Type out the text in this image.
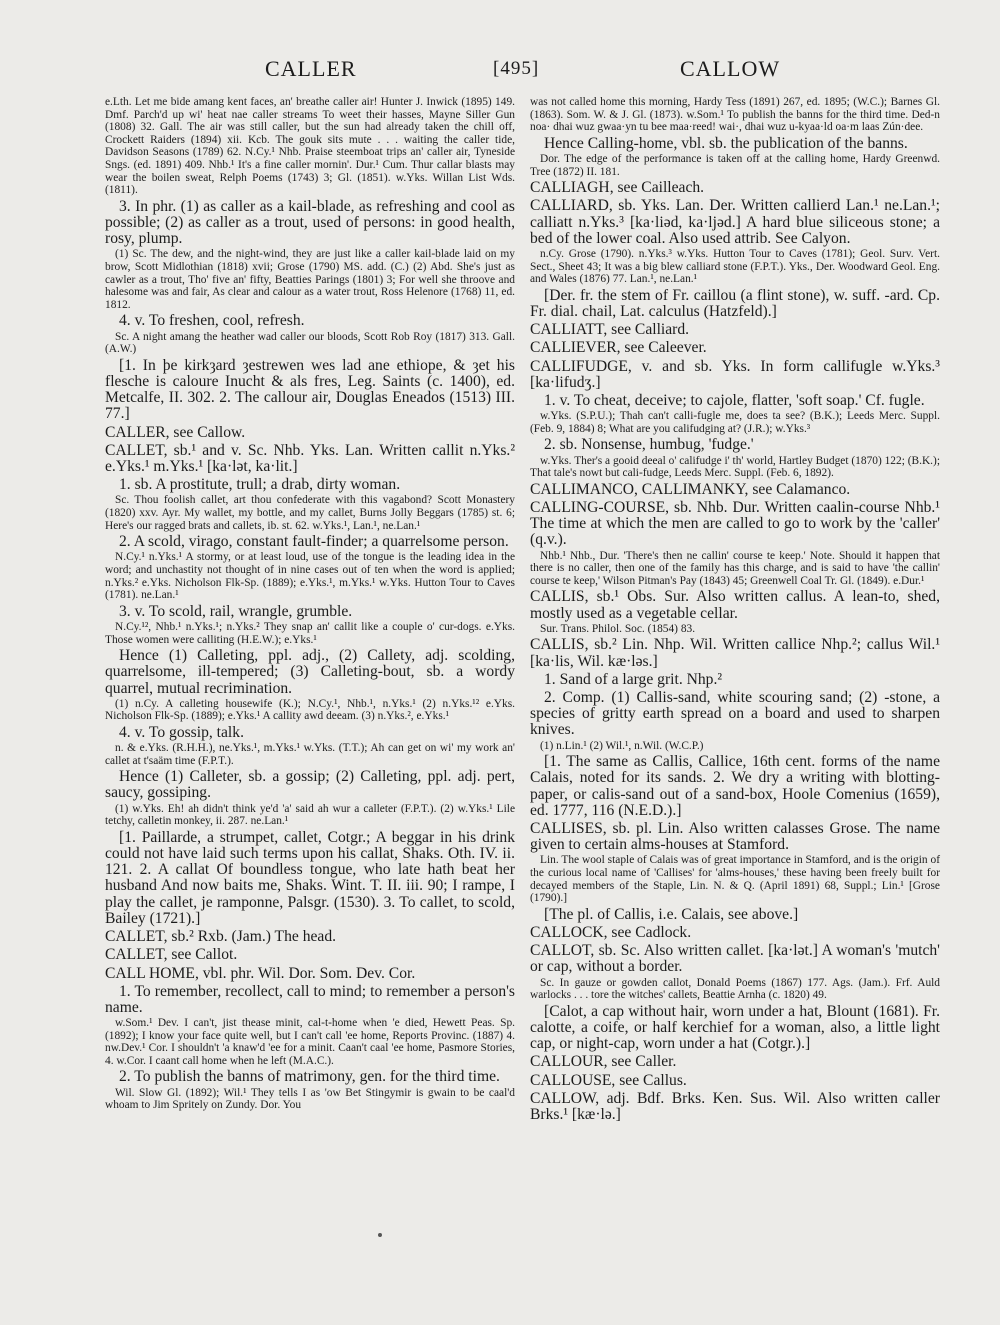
CALLER	[495]	CALLOW

e.Lth. Let me bide amang kent faces, an' breathe caller air! Hunter J. Inwick (1895) 149. Dmf. Parch'd up wi' heat nae caller streams To weet their hasses, Mayne Siller Gun (1808) 32. Gall. The air was still caller, but the sun had already taken the chill off, Crockett Raiders (1894) xii. Kcb. The gouk sits mute . . . waiting the caller tide, Davidson Seasons (1789) 62. N.Cy.¹ Nhb. Praise steemboat trips an' caller air, Tyneside Sngs. (ed. 1891) 409. Nhb.¹ It's a fine caller mornin'. Dur.¹ Cum. Thur callar blasts may wear the boilen sweat, Relph Poems (1743) 3; Gl. (1851). w.Yks. Willan List Wds. (1811).

3. In phr. (1) as caller as a kail-blade, as refreshing and cool as possible; (2) as caller as a trout, used of persons: in good health, rosy, plump.

(1) Sc. The dew, and the night-wind, they are just like a caller kail-blade laid on my brow, Scott Midlothian (1818) xvii; Grose (1790) MS. add. (C.) (2) Abd. She's just as cawler as a trout, Tho' five an' fifty, Beatties Parings (1801) 3; For well she throove and halesome was and fair, As clear and calour as a water trout, Ross Helenore (1768) 11, ed. 1812.

4. v. To freshen, cool, refresh.

Sc. A night amang the heather wad caller our bloods, Scott Rob Roy (1817) 313. Gall. (A.W.)

[1. In þe kirkȝard ȝestrewen wes lad ane ethiope, & ȝet his flesche is caloure Inucht & als fres, Leg. Saints (c. 1400), ed. Metcalfe, II. 302. 2. The callour air, Douglas Eneados (1513) III. 77.]

CALLER, see Callow.

CALLET, sb.¹ and v. Sc. Nhb. Yks. Lan. Written callit n.Yks.² e.Yks.¹ m.Yks.¹ [ka·lət, ka·lit.]

1. sb. A prostitute, trull; a drab, dirty woman.

Sc. Thou foolish callet, art thou confederate with this vagabond? Scott Monastery (1820) xxv. Ayr. My wallet, my bottle, and my callet, Burns Jolly Beggars (1785) st. 6; Here's our ragged brats and callets, ib. st. 62. w.Yks.¹, Lan.¹, ne.Lan.¹

2. A scold, virago, constant fault-finder; a quarrelsome person.

N.Cy.¹ n.Yks.¹ A stormy, or at least loud, use of the tongue is the leading idea in the word; and unchastity not thought of in nine cases out of ten when the word is applied; n.Yks.² e.Yks. Nicholson Flk-Sp. (1889); e.Yks.¹, m.Yks.¹ w.Yks. Hutton Tour to Caves (1781). ne.Lan.¹

3. v. To scold, rail, wrangle, grumble.

N.Cy.¹², Nhb.¹ n.Yks.¹; n.Yks.² They snap an' callit like a couple o' cur-dogs. e.Yks. Those women were calliting (H.E.W.); e.Yks.¹

Hence (1) Calleting, ppl. adj., (2) Callety, adj. scolding, quarrelsome, ill-tempered; (3) Calleting-bout, sb. a wordy quarrel, mutual recrimination.

(1) n.Cy. A calleting housewife (K.); N.Cy.¹, Nhb.¹, n.Yks.¹ (2) n.Yks.¹² e.Yks. Nicholson Flk-Sp. (1889); e.Yks.¹ A callity awd deeam. (3) n.Yks.², e.Yks.¹

4. v. To gossip, talk.

n. & e.Yks. (R.H.H.), ne.Yks.¹, m.Yks.¹ w.Yks. (T.T.); Ah can get on wi' my work an' callet at t'saäm time (F.P.T.).

Hence (1) Calleter, sb. a gossip; (2) Calleting, ppl. adj. pert, saucy, gossiping.

(1) w.Yks. Eh! ah didn't think ye'd 'a' said ah wur a calleter (F.P.T.). (2) w.Yks.¹ Lile tetchy, calletin monkey, ii. 287. ne.Lan.¹

[1. Paillarde, a strumpet, callet, Cotgr.; A beggar in his drink could not have laid such terms upon his callat, Shaks. Oth. IV. ii. 121. 2. A callat Of boundless tongue, who late hath beat her husband And now baits me, Shaks. Wint. T. II. iii. 90; I rampe, I play the callet, je ramponne, Palsgr. (1530). 3. To callet, to scold, Bailey (1721).]

CALLET, sb.² Rxb. (Jam.) The head.

CALLET, see Callot.

CALL HOME, vbl. phr. Wil. Dor. Som. Dev. Cor.

1. To remember, recollect, call to mind; to remember a person's name.

w.Som.¹ Dev. I can't, jist thease minit, cal-t-home when 'e died, Hewett Peas. Sp. (1892); I know your face quite well, but I can't call 'ee home, Reports Provinc. (1887) 4. nw.Dev.¹ Cor. I shouldn't 'a knaw'd 'ee for a minit. Caan't caal 'ee home, Pasmore Stories, 4. w.Cor. I caant call home when he left (M.A.C.).

2. To publish the banns of matrimony, gen. for the third time.

Wil. Slow Gl. (1892); Wil.¹ They tells I as 'ow Bet Stingymir is gwain to be caal'd whoam to Jim Spritely on Zundy. Dor. You

was not called home this morning, Hardy Tess (1891) 267, ed. 1895; (W.C.); Barnes Gl. (1863). Som. W. & J. Gl. (1873). w.Som.¹ To publish the banns for the third time. Ded-n noa· dhai wuz gwaa·yn tu bee maa·reed! wai·, dhai wuz u-kyaa·ld oa·m laas Zún·dee.

Hence Calling-home, vbl. sb. the publication of the banns.

Dor. The edge of the performance is taken off at the calling home, Hardy Greenwd. Tree (1872) II. 181.

CALLIAGH, see Cailleach.

CALLIARD, sb. Yks. Lan. Der. Written callierd Lan.¹ ne.Lan.¹; calliatt n.Yks.³ [ka·liəd, ka·ljəd.] A hard blue siliceous stone; a bed of the lower coal. Also used attrib. See Calyon.

n.Cy. Grose (1790). n.Yks.³ w.Yks. Hutton Tour to Caves (1781); Geol. Surv. Vert. Sect., Sheet 43; It was a big blew calliard stone (F.P.T.). Yks., Der. Woodward Geol. Eng. and Wales (1876) 77. Lan.¹, ne.Lan.¹

[Der. fr. the stem of Fr. caillou (a flint stone), w. suff. -ard. Cp. Fr. dial. chail, Lat. calculus (Hatzfeld).]

CALLIATT, see Calliard.

CALLIEVER, see Caleever.

CALLIFUDGE, v. and sb. Yks. In form callifugle w.Yks.³ [ka·lifudʒ.]

1. v. To cheat, deceive; to cajole, flatter, 'soft soap.' Cf. fugle.

w.Yks. (S.P.U.); Thah can't calli-fugle me, does ta see? (B.K.); Leeds Merc. Suppl. (Feb. 9, 1884) 8; What are you califudging at? (J.R.); w.Yks.³

2. sb. Nonsense, humbug, 'fudge.'

w.Yks. Ther's a gooid deeal o' califudge i' th' world, Hartley Budget (1870) 122; (B.K.); That tale's nowt but cali-fudge, Leeds Merc. Suppl. (Feb. 6, 1892).

CALLIMANCO, CALLIMANKY, see Calamanco.

CALLING-COURSE, sb. Nhb. Dur. Written caalin-course Nhb.¹ The time at which the men are called to go to work by the 'caller' (q.v.).

Nhb.¹ Nhb., Dur. 'There's then ne callin' course te keep.' Note. Should it happen that there is no caller, then one of the family has this charge, and is said to have 'the callin' course te keep,' Wilson Pitman's Pay (1843) 45; Greenwell Coal Tr. Gl. (1849). e.Dur.¹

CALLIS, sb.¹ Obs. Sur. Also written callus. A lean-to, shed, mostly used as a vegetable cellar.

Sur. Trans. Philol. Soc. (1854) 83.

CALLIS, sb.² Lin. Nhp. Wil. Written callice Nhp.²; callus Wil.¹ [ka·lis, Wil. kæ·ləs.]

1. Sand of a large grit. Nhp.²

2. Comp. (1) Callis-sand, white scouring sand; (2) -stone, a species of gritty earth spread on a board and used to sharpen knives.

(1) n.Lin.¹ (2) Wil.¹, n.Wil. (W.C.P.)

[1. The same as Callis, Callice, 16th cent. forms of the name Calais, noted for its sands. 2. We dry a writing with blotting-paper, or calis-sand out of a sand-box, Hoole Comenius (1659), ed. 1777, 116 (N.E.D.).]

CALLISES, sb. pl. Lin. Also written calasses Grose. The name given to certain alms-houses at Stamford.

Lin. The wool staple of Calais was of great importance in Stamford, and is the origin of the curious local name of 'Callises' for 'alms-houses,' these having been freely built for decayed members of the Staple, Lin. N. & Q. (April 1891) 68, Suppl.; Lin.¹ [Grose (1790).]

[The pl. of Callis, i.e. Calais, see above.]

CALLOCK, see Cadlock.

CALLOT, sb. Sc. Also written callet. [ka·lət.] A woman's 'mutch' or cap, without a border.

Sc. In gauze or gowden callot, Donald Poems (1867) 177. Ags. (Jam.). Frf. Auld warlocks . . . tore the witches' callets, Beattie Arnha (c. 1820) 49.

[Calot, a cap without hair, worn under a hat, Blount (1681). Fr. calotte, a coife, or half kerchief for a woman, also, a little light cap, or night-cap, worn under a hat (Cotgr.).]

CALLOUR, see Caller.

CALLOUSE, see Callus.

CALLOW, adj. Bdf. Brks. Ken. Sus. Wil. Also written caller Brks.¹ [kæ·lə.]
